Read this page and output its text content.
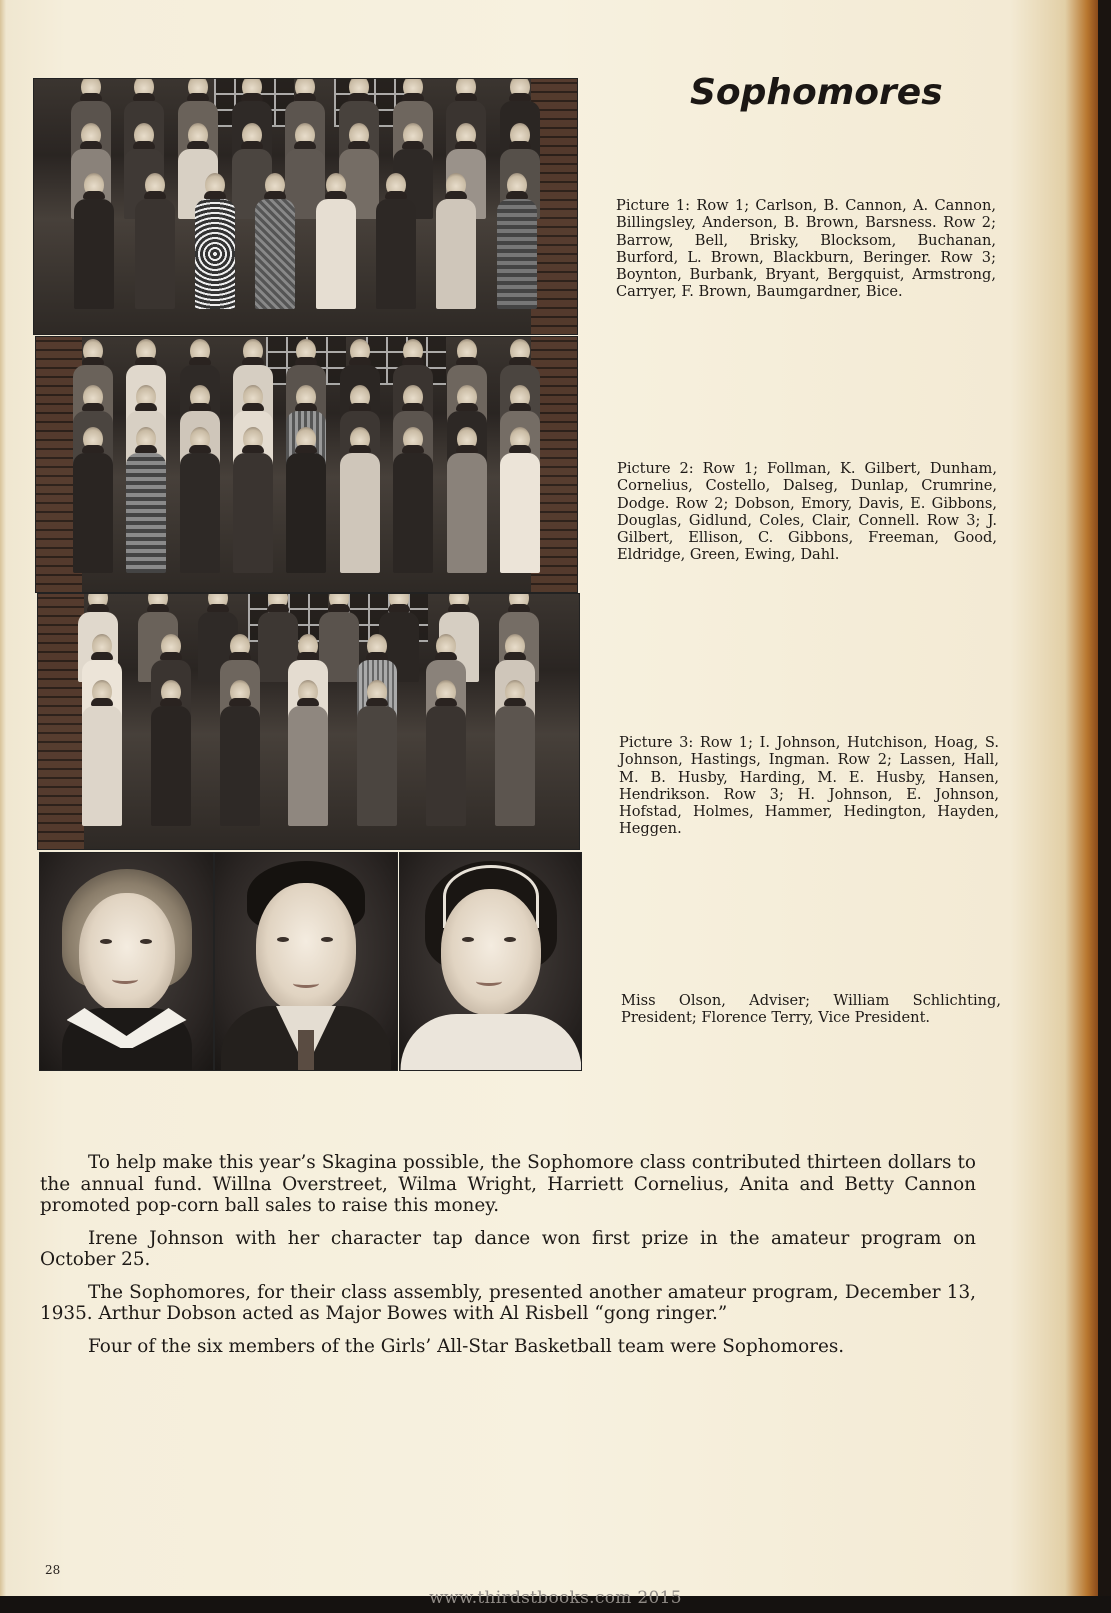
Sophomores

Picture 1: Row 1; Carlson, B. Cannon, A. Cannon, Billingsley, Anderson, B. Brown, Barsness. Row 2; Barrow, Bell, Brisky, Blocksom, Buchanan, Burford, L. Brown, Blackburn, Beringer. Row 3; Boynton, Burbank, Bryant, Bergquist, Armstrong, Carryer, F. Brown, Baumgardner, Bice.

Picture 2: Row 1; Follman, K. Gilbert, Dunham, Cornelius, Costello, Dalseg, Dunlap, Crumrine, Dodge. Row 2; Dobson, Emory, Davis, E. Gibbons, Douglas, Gidlund, Coles, Clair, Connell. Row 3; J. Gilbert, Ellison, C. Gibbons, Freeman, Good, Eldridge, Green, Ewing, Dahl.

Picture 3: Row 1; I. Johnson, Hutchison, Hoag, S. Johnson, Hastings, Ingman. Row 2; Lassen, Hall, M. B. Husby, Harding, M. E. Husby, Hansen, Hendrikson. Row 3; H. Johnson, E. Johnson, Hofstad, Holmes, Hammer, Hedington, Hayden, Heggen.

Miss Olson, Adviser; William Schlichting, President; Florence Terry, Vice President.

To help make this year’s Skagina possible, the Sophomore class contributed thirteen dollars to the annual fund. Willna Overstreet, Wilma Wright, Harriett Cornelius, Anita and Betty Cannon promoted pop-corn ball sales to raise this money.

Irene Johnson with her character tap dance won first prize in the amateur program on October 25.

The Sophomores, for their class assembly, presented another amateur program, December 13, 1935. Arthur Dobson acted as Major Bowes with Al Risbell “gong ringer.”

Four of the six members of the Girls’ All-Star Basketball team were Sophomores.

28
www.thirdstbooks.com 2015
